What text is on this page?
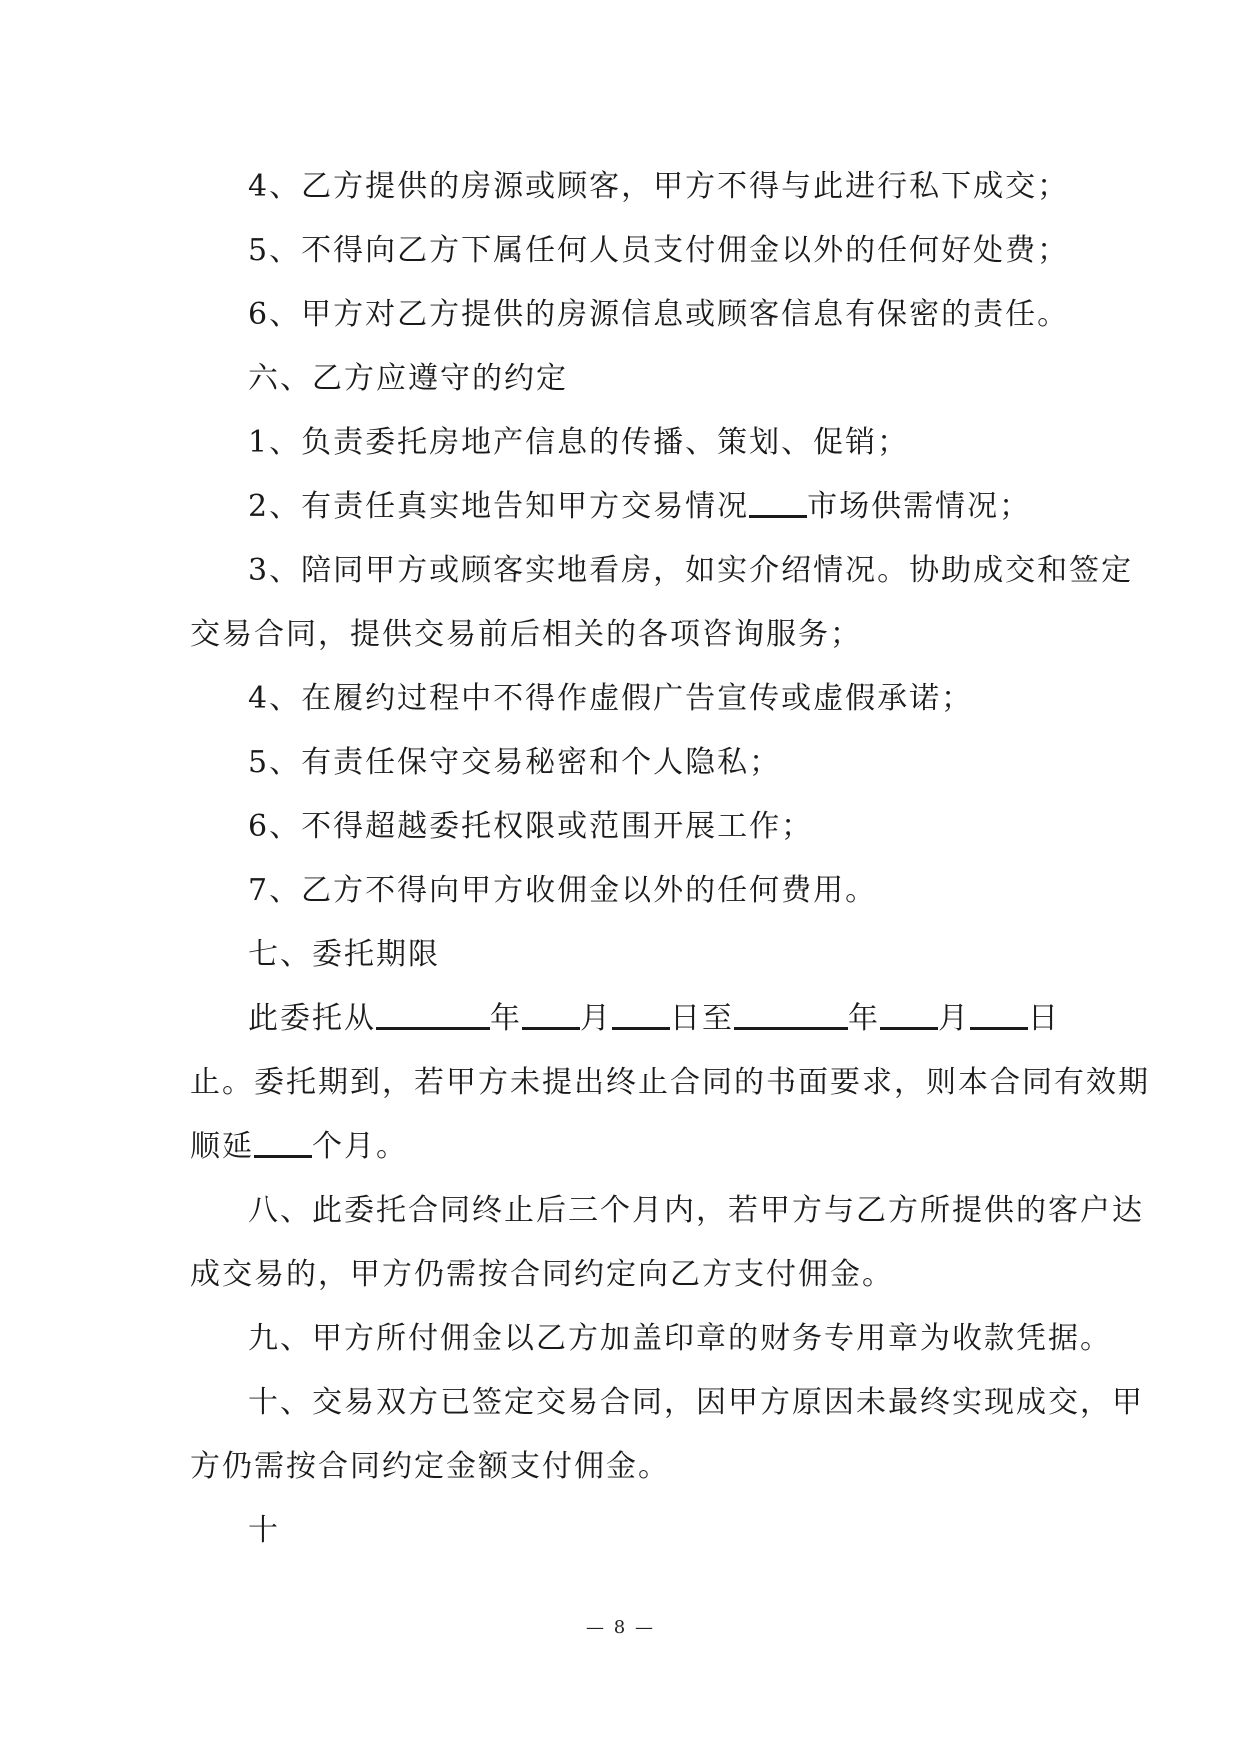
4、乙方提供的房源或顾客，甲方不得与此进行私下成交；
5、不得向乙方下属任何人员支付佣金以外的任何好处费；
6、甲方对乙方提供的房源信息或顾客信息有保密的责任。
六、乙方应遵守的约定
1、负责委托房地产信息的传播、策划、促销；
2、有责任真实地告知甲方交易情况 市场供需情况；
3、陪同甲方或顾客实地看房，如实介绍情况。协助成交和签定
交易合同，提供交易前后相关的各项咨询服务；
4、在履约过程中不得作虚假广告宣传或虚假承诺；
5、有责任保守交易秘密和个人隐私；
6、不得超越委托权限或范围开展工作；
7、乙方不得向甲方收佣金以外的任何费用。
七、委托期限
此委托从	年 月 日至	年 月 日
止。委托期到，若甲方未提出终止合同的书面要求，则本合同有效期
顺延 个月。
八、此委托合同终止后三个月内，若甲方与乙方所提供的客户达
成交易的，甲方仍需按合同约定向乙方支付佣金。
九、甲方所付佣金以乙方加盖印章的财务专用章为收款凭据。
十、交易双方已签定交易合同，因甲方原因未最终实现成交，甲
方仍需按合同约定金额支付佣金。
十
— 8 —
